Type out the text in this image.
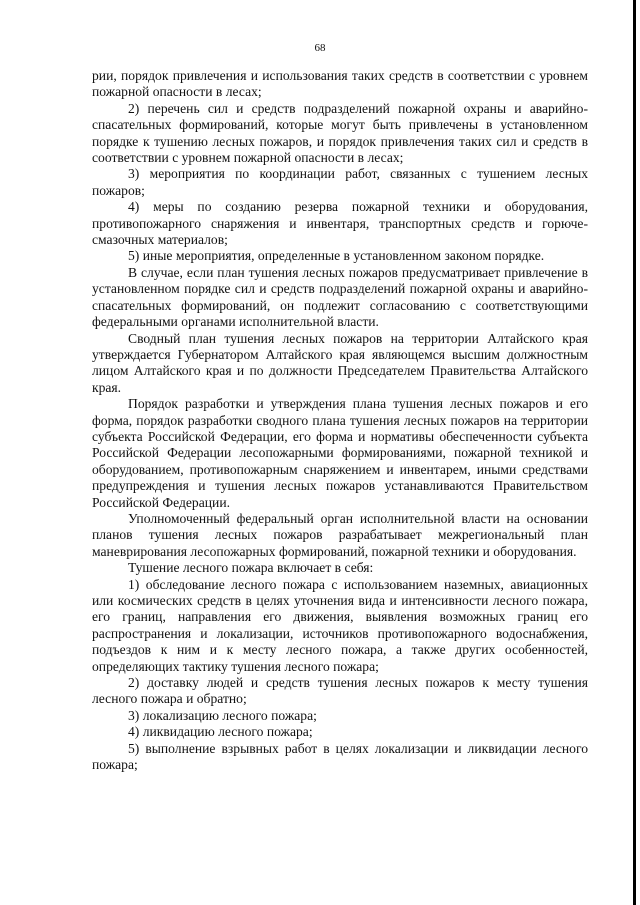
68

рии, порядок привлечения и использования таких средств в соответствии с уровнем пожарной опасности в лесах;

2) перечень сил и средств подразделений пожарной охраны и аварийно-спасательных формирований, которые могут быть привлечены в установленном порядке к тушению лесных пожаров, и порядок привлечения таких сил и средств в соответствии с уровнем пожарной опасности в лесах;

3) мероприятия по координации работ, связанных с тушением лесных пожаров;

4) меры по созданию резерва пожарной техники и оборудования, противопожарного снаряжения и инвентаря, транспортных средств и горюче-смазочных материалов;

5) иные мероприятия, определенные в установленном законом порядке.

В случае, если план тушения лесных пожаров предусматривает привлечение в установленном порядке сил и средств подразделений пожарной охраны и аварийно-спасательных формирований, он подлежит согласованию с соответствующими федеральными органами исполнительной власти.

Сводный план тушения лесных пожаров на территории Алтайского края утверждается Губернатором Алтайского края являющемся высшим должностным лицом Алтайского края и по должности Председателем Правительства Алтайского края.

Порядок разработки и утверждения плана тушения лесных пожаров и его форма, порядок разработки сводного плана тушения лесных пожаров на территории субъекта Российской Федерации, его форма и нормативы обеспеченности субъекта Российской Федерации лесопожарными формированиями, пожарной техникой и оборудованием, противопожарным снаряжением и инвентарем, иными средствами предупреждения и тушения лесных пожаров устанавливаются Правительством Российской Федерации.

Уполномоченный федеральный орган исполнительной власти на основании планов тушения лесных пожаров разрабатывает межрегиональный план маневрирования лесопожарных формирований, пожарной техники и оборудования.

Тушение лесного пожара включает в себя:

1) обследование лесного пожара с использованием наземных, авиационных или космических средств в целях уточнения вида и интенсивности лесного пожара, его границ, направления его движения, выявления возможных границ его распространения и локализации, источников противопожарного водоснабжения, подъездов к ним и к месту лесного пожара, а также других особенностей, определяющих тактику тушения лесного пожара;

2) доставку людей и средств тушения лесных пожаров к месту тушения лесного пожара и обратно;

3) локализацию лесного пожара;

4) ликвидацию лесного пожара;

5) выполнение взрывных работ в целях локализации и ликвидации лесного пожара;
